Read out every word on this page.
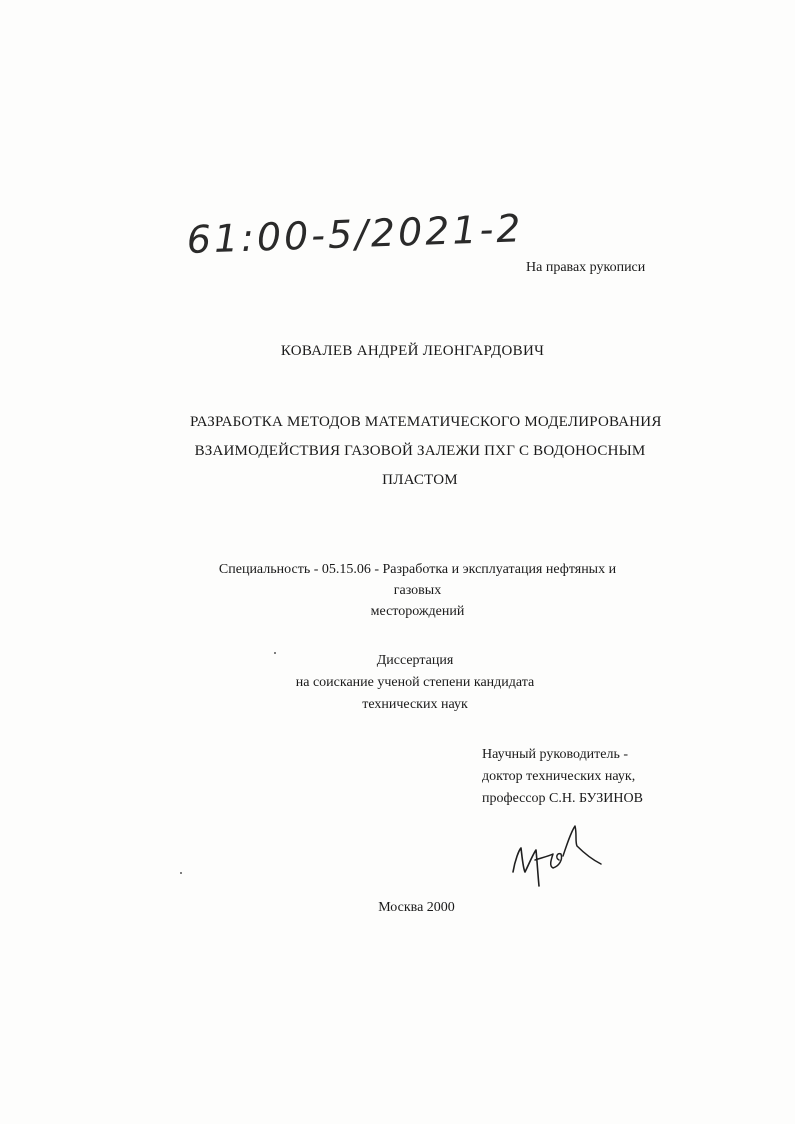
61:00-5/2021-2
На правах рукописи
КОВАЛЕВ АНДРЕЙ ЛЕОНГАРДОВИЧ
РАЗРАБОТКА МЕТОДОВ МАТЕМАТИЧЕСКОГО МОДЕЛИРОВАНИЯ
ВЗАИМОДЕЙСТВИЯ ГАЗОВОЙ ЗАЛЕЖИ ПХГ С ВОДОНОСНЫМ
ПЛАСТОМ
Специальность - 05.15.06 - Разработка и эксплуатация нефтяных и газовых
месторождений
Диссертация
на соискание ученой степени кандидата
технических наук
Научный руководитель -
доктор технических наук,
профессор С.Н. БУЗИНОВ
Москва 2000
